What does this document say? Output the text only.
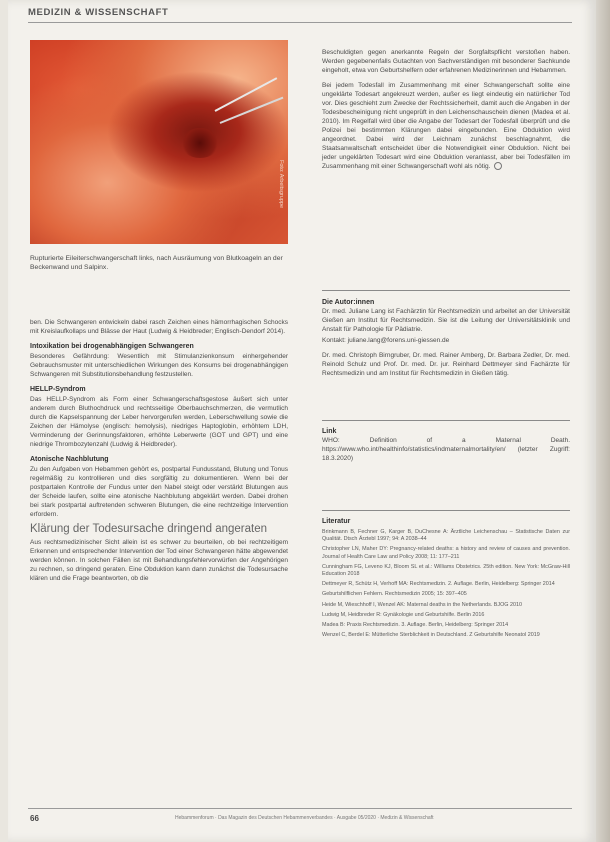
MEDIZIN & WISSENSCHAFT
Foto: Arbeitsgruppe
Rupturierte Eileiterschwangerschaft links, nach Ausräumung von Blutkoageln an der Beckenwand und Salpinx.

ben. Die Schwangeren entwickeln dabei rasch Zeichen eines hämorrhagischen Schocks mit Kreislaufkollaps und Blässe der Haut (Ludwig & Heidbreder; Englisch-Dendorf 2014).

Intoxikation bei drogenabhängigen Schwangeren

Besonderes Gefährdung: Wesentlich mit Stimulanzienkonsum einhergehender Gebrauchsmuster mit unterschiedlichen Wirkungen des Konsums bei drogenabhängigen Schwangeren mit Substitutionsbehandlung festzustellen.

HELLP-Syndrom

Das HELLP-Syndrom als Form einer Schwangerschaftsgestose äußert sich unter anderem durch Bluthochdruck und rechtsseitige Oberbauchschmerzen, die vermutlich durch die Kapselspannung der Leber hervorgerufen werden, Leberschwellung sowie die Zeichen der Hämolyse (englisch: hemolysis), niedriges Haptoglobin, erhöhtem LDH, Verminderung der Gerinnungsfaktoren, erhöhte Leberwerte (GOT und GPT) und eine niedrige Thrombozytenzahl (Ludwig & Heidbreder).

Atonische Nachblutung

Zu den Aufgaben von Hebammen gehört es, postpartal Fundusstand, Blutung und Tonus regelmäßig zu kontrollieren und dies sorgfältig zu dokumentieren. Wenn bei der postpartalen Kontrolle der Fundus unter den Nabel steigt oder verstärkt Blutungen aus der Scheide laufen, sollte eine atonische Nachblutung abgeklärt werden. Dabei drohen bei stark postpartal auftretenden schweren Blutungen, die eine rechtzeitige Intervention erfordern.

Klärung der Todesursache dringend angeraten

Aus rechtsmedizinischer Sicht allein ist es schwer zu beurteilen, ob bei rechtzeitigem Erkennen und entsprechender Intervention der Tod einer Schwangeren hätte abgewendet werden können. In solchen Fällen ist mit Behandlungsfehlervorwürfen der Angehörigen zu rechnen, so dringend geraten. Eine Obduktion kann dann zunächst die Todesursache klären und die Frage beantworten, ob die

Beschuldigten gegen anerkannte Regeln der Sorgfaltspflicht verstoßen haben. Werden gegebenenfalls Gutachten von Sachverständigen mit besonderer Sachkunde eingeholt, etwa von Geburtshelfern oder erfahrenen Medizinerinnen und Hebammen.

Bei jedem Todesfall im Zusammenhang mit einer Schwangerschaft sollte eine ungeklärte Todesart angekreuzt werden, außer es liegt eindeutig ein natürlicher Tod vor. Dies geschieht zum Zwecke der Rechtssicherheit, damit auch die Angaben in der Todesbescheinigung nicht ungeprüft in den Leichenschauschein dienen (Madea et al. 2010). Im Regelfall wird über die Angabe der Todesart der Todesfall überprüft und die Polizei bei bestimmten Klärungen dabei eingebunden. Eine Obduktion wird angeordnet. Dabei wird der Leichnam zunächst beschlagnahmt, die Staatsanwaltschaft entscheidet über die Notwendigkeit einer Obduktion. Nicht bei jeder ungeklärten Todesart wird eine Obduktion veranlasst, aber bei Todesfällen im Zusammenhang mit einer Schwangerschaft wohl als nötig.

Die Autor:innen

Dr. med. Juliane Lang ist Fachärztin für Rechtsmedizin und arbeitet an der Universität Gießen am Institut für Rechtsmedizin. Sie ist die Leitung der Universitätsklinik und Anstalt für Pathologie für Pädiatrie.

Kontakt: juliane.lang@forens.uni-giessen.de

Dr. med. Christoph Birngruber, Dr. med. Rainer Amberg, Dr. Barbara Zedler, Dr. med. Reinold Schulz und Prof. Dr. med. Dr. jur. Reinhard Dettmeyer sind Fachärzte für Rechtsmedizin und am Institut für Rechtsmedizin in Gießen tätig.

Link

WHO: Definition of a Maternal Death. https://www.who.int/healthinfo/statistics/indmaternalmortality/en/ (letzter Zugriff: 18.3.2020)

Literatur

Brinkmann B, Fechner G, Karger B, DuChesne A: Ärztliche Leichenschau – Statistische Daten zur Qualität. Dtsch Ärztebl 1997; 94: A 2038–44

Christopher LN, Maher DY: Pregnancy-related deaths: a history and review of causes and prevention. Journal of Health Care Law and Policy 2008; 11: 177–211

Cunningham FG, Leveno KJ, Bloom SL et al.: Williams Obstetrics. 25th edition. New York: McGraw-Hill Education 2018

Dettmeyer R, Schütz H, Verhoff MA: Rechtsmedizin. 2. Auflage. Berlin, Heidelberg: Springer 2014

Geburtshilflichen Fehlern. Rechtsmedizin 2005; 15: 397–405

Heide M, Wieschhoff I, Wenzel AK: Maternal deaths in the Netherlands. BJOG 2010

Ludwig M, Heidbreder R: Gynäkologie und Geburtshilfe. Berlin 2016

Madea B: Praxis Rechtsmedizin. 3. Auflage. Berlin, Heidelberg: Springer 2014

Wenzel C, Berdel E: Mütterliche Sterblichkeit in Deutschland. Z Geburtshilfe Neonatol 2019

66	Hebammenforum · Das Magazin des Deutschen Hebammenverbandes · Ausgabe 05/2020 · Medizin & Wissenschaft
